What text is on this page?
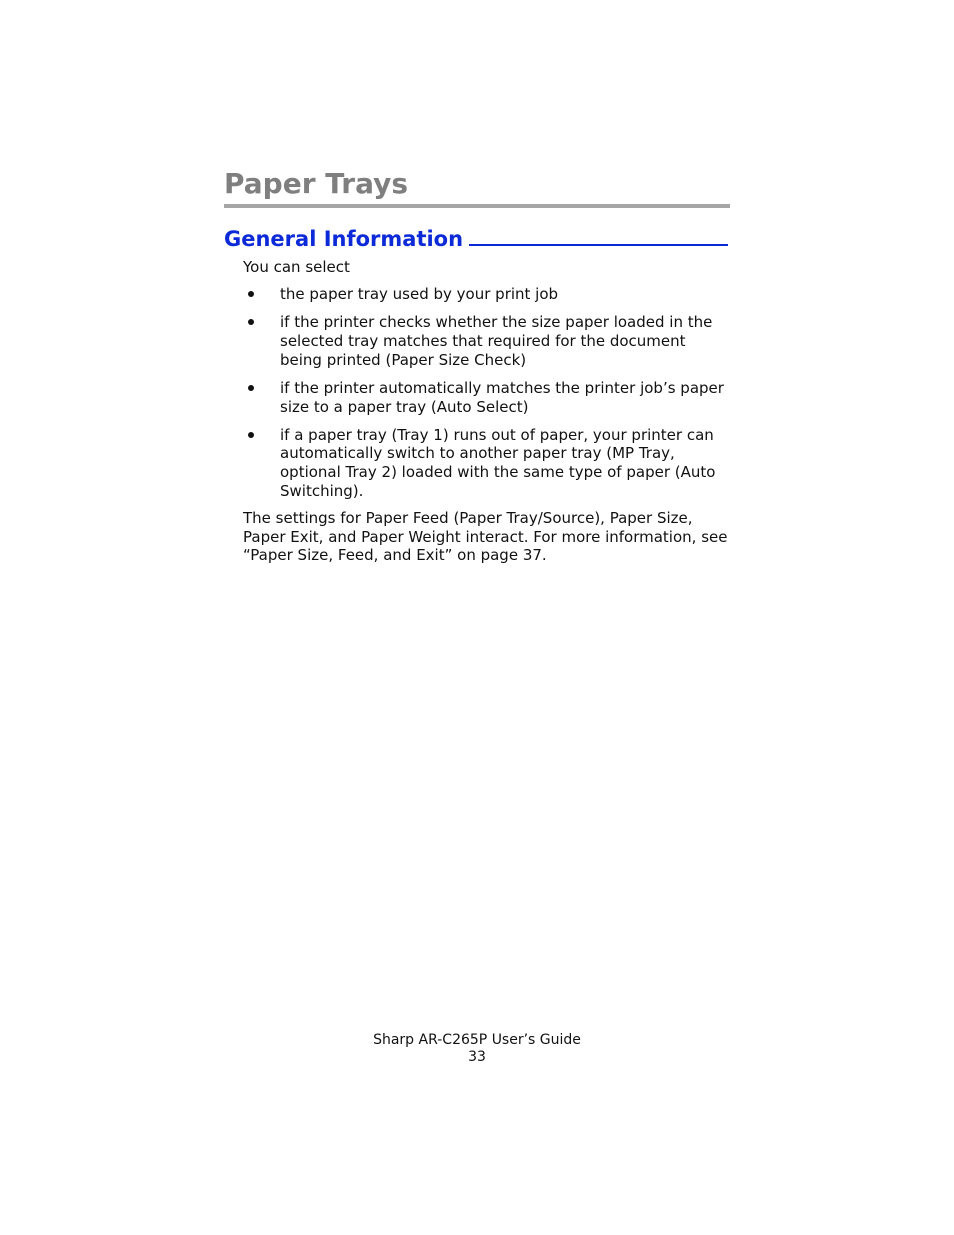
Paper Trays
General Information

You can select

the paper tray used by your print job
if the printer checks whether the size paper loaded in the selected tray matches that required for the document being printed (Paper Size Check)
if the printer automatically matches the printer job’s paper size to a paper tray (Auto Select)
if a paper tray (Tray 1) runs out of paper, your printer can automatically switch to another paper tray (MP Tray, optional Tray 2) loaded with the same type of paper (Auto Switching).

The settings for Paper Feed (Paper Tray/Source), Paper Size, Paper Exit, and Paper Weight interact. For more information, see “Paper Size, Feed, and Exit” on page 37.

Sharp AR-C265P User’s Guide
33
